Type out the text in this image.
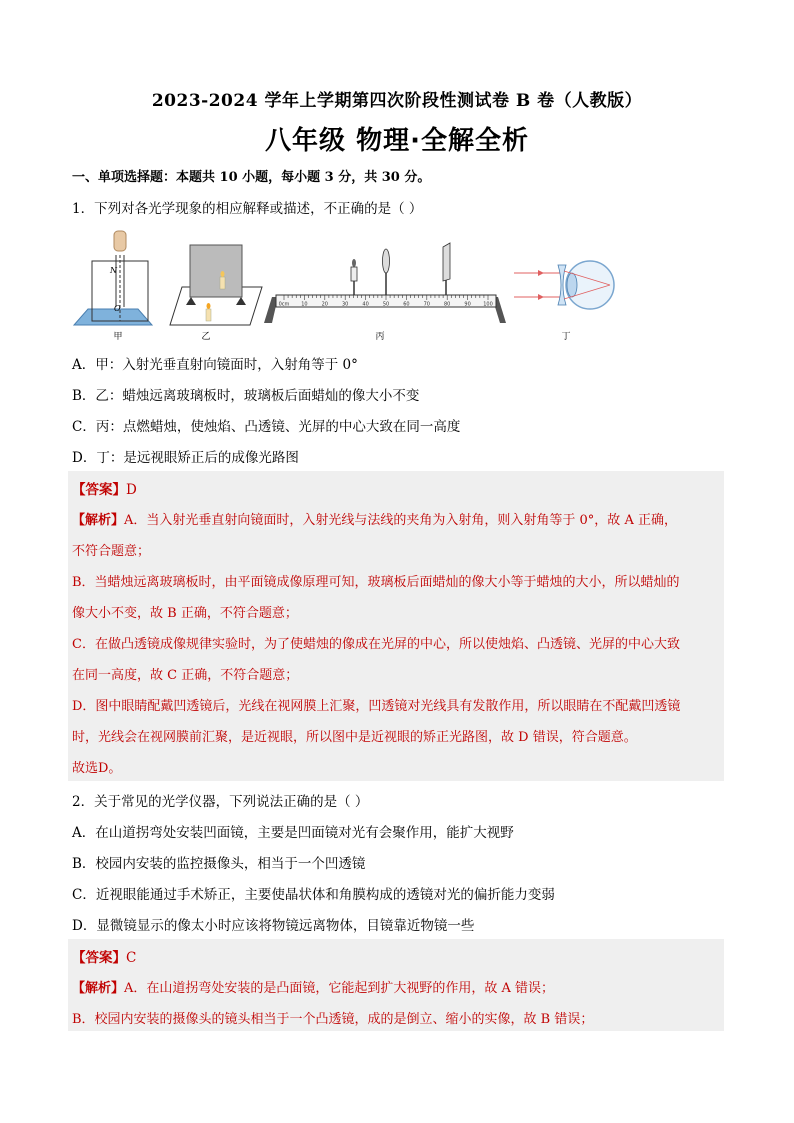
2023-2024 学年上学期第四次阶段性测试卷 B 卷（人教版）
八年级 物理·全解全析
一、单项选择题：本题共 10 小题，每小题 3 分，共 30 分。
1．下列对各光学现象的相应解释或描述，不正确的是（ ）
N
O	0cm 10	20	30	40	50	60	70	80	90 100
甲	乙	丙	丁
A．甲：入射光垂直射向镜面时，入射角等于 0°
B．乙：蜡烛远离玻璃板时，玻璃板后面蜡灿的像大小不变
C．丙：点燃蜡烛，使烛焰、凸透镜、光屏的中心大致在同一高度
D．丁：是远视眼矫正后的成像光路图
【答案】D
【解析】A．当入射光垂直射向镜面时，入射光线与法线的夹角为入射角，则入射角等于 0°，故 A 正确，
不符合题意；
B．当蜡烛远离玻璃板时，由平面镜成像原理可知，玻璃板后面蜡灿的像大小等于蜡烛的大小，所以蜡灿的
像大小不变，故 B 正确，不符合题意；
C．在做凸透镜成像规律实验时，为了使蜡烛的像成在光屏的中心，所以使烛焰、凸透镜、光屏的中心大致
在同一高度，故 C 正确，不符合题意；
D．图中眼睛配戴凹透镜后，光线在视网膜上汇聚，凹透镜对光线具有发散作用，所以眼睛在不配戴凹透镜
时，光线会在视网膜前汇聚，是近视眼，所以图中是近视眼的矫正光路图，故 D 错误，符合题意。
故选D。
2．关于常见的光学仪器，下列说法正确的是（ ）
A．在山道拐弯处安装凹面镜，主要是凹面镜对光有会聚作用，能扩大视野
B．校园内安装的监控摄像头，相当于一个凹透镜
C．近视眼能通过手术矫正，主要使晶状体和角膜构成的透镜对光的偏折能力变弱
D．显微镜显示的像太小时应该将物镜远离物体，目镜靠近物镜一些
【答案】C
【解析】A．在山道拐弯处安装的是凸面镜，它能起到扩大视野的作用，故 A 错误；
B．校园内安装的摄像头的镜头相当于一个凸透镜，成的是倒立、缩小的实像，故 B 错误；
